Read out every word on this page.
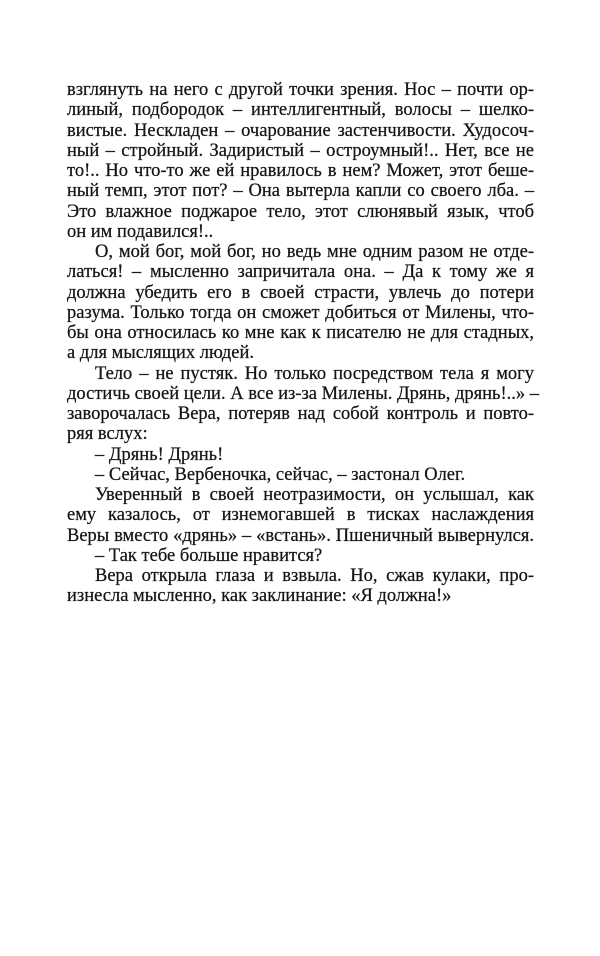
взглянуть на него с другой точки зрения. Нос – почти ор-
линый, подбородок – интеллигентный, волосы – шелко-
вистые. Нескладен – очарование застенчивости. Худосоч-
ный – стройный. Задиристый – остроумный!.. Нет, все не
то!.. Но что-то же ей нравилось в нем? Может, этот беше-
ный темп, этот пот? – Она вытерла капли со своего лба. –
Это влажное поджарое тело, этот слюнявый язык, чтоб
он им подавился!..
О, мой бог, мой бог, но ведь мне одним разом не отде-
латься! – мысленно запричитала она. – Да к тому же я
должна убедить его в своей страсти, увлечь до потери
разума. Только тогда он сможет добиться от Милены, что-
бы она относилась ко мне как к писателю не для стадных,
а для мыслящих людей.
Тело – не пустяк. Но только посредством тела я могу
достичь своей цели. А все из-за Милены. Дрянь, дрянь!..» –
заворочалась Вера, потеряв над собой контроль и повто-
ряя вслух:
– Дрянь! Дрянь!
– Сейчас, Вербеночка, сейчас, – застонал Олег.
Уверенный в своей неотразимости, он услышал, как
ему казалось, от изнемогавшей в тисках наслаждения
Веры вместо «дрянь» – «встань». Пшеничный вывернулся.
– Так тебе больше нравится?
Вера открыла глаза и взвыла. Но, сжав кулаки, про-
изнесла мысленно, как заклинание: «Я должна!»
